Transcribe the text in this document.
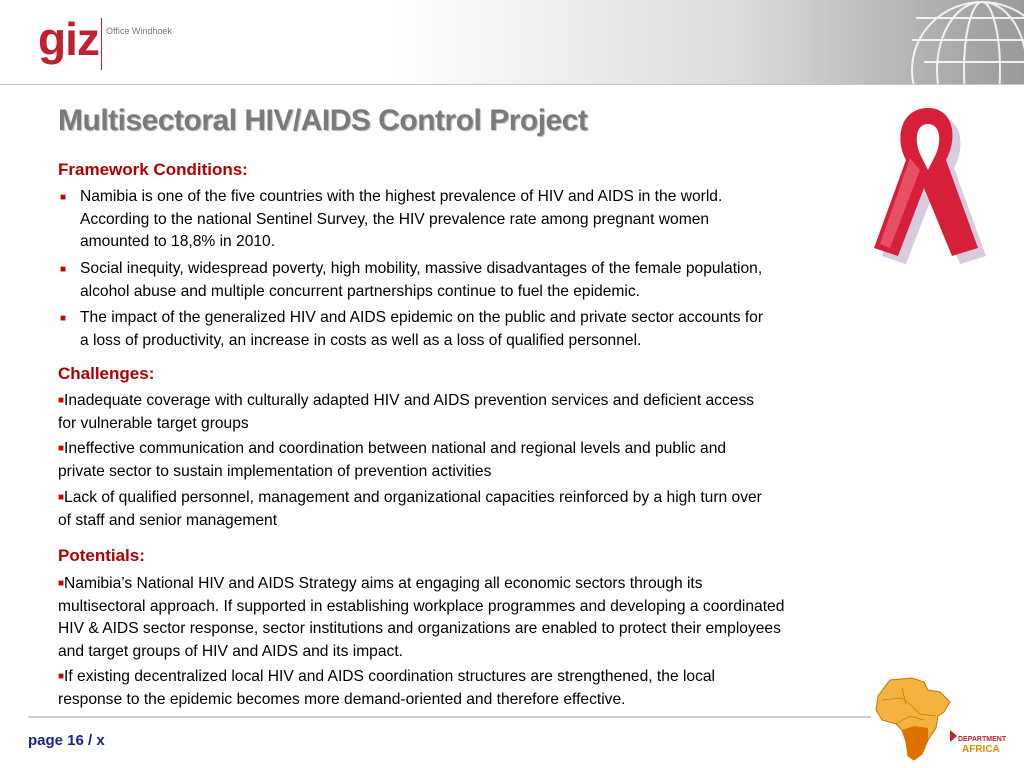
giz Office Windhoek
Multisectoral HIV/AIDS Control Project
Framework Conditions:
■ Namibia is one of the five countries with the highest prevalence of HIV and AIDS in the world.
According to the national Sentinel Survey, the HIV prevalence rate among pregnant women
amounted to 18,8% in 2010.
■ Social inequity, widespread poverty, high mobility, massive disadvantages of the female population,
alcohol abuse and multiple concurrent partnerships continue to fuel the epidemic.
■ The impact of the generalized HIV and AIDS epidemic on the public and private sector accounts for
a loss of productivity, an increase in costs as well as a loss of qualified personnel.
Challenges:
■Inadequate coverage with culturally adapted HIV and AIDS prevention services and deficient access
for vulnerable target groups
■Ineffective communication and coordination between national and regional levels and public and
private sector to sustain implementation of prevention activities
■Lack of qualified personnel, management and organizational capacities reinforced by a high turn over
of staff and senior management
Potentials:
■Namibia’s National HIV and AIDS Strategy aims at engaging all economic sectors through its
multisectoral approach. If supported in establishing workplace programmes and developing a coordinated
HIV & AIDS sector response, sector institutions and organizations are enabled to protect their employees
and target groups of HIV and AIDS and its impact.
■If existing decentralized local HIV and AIDS coordination structures are strengthened, the local
response to the epidemic becomes more demand-oriented and therefore effective.
page 16 / x	DEPARTMENT
AFRICA
